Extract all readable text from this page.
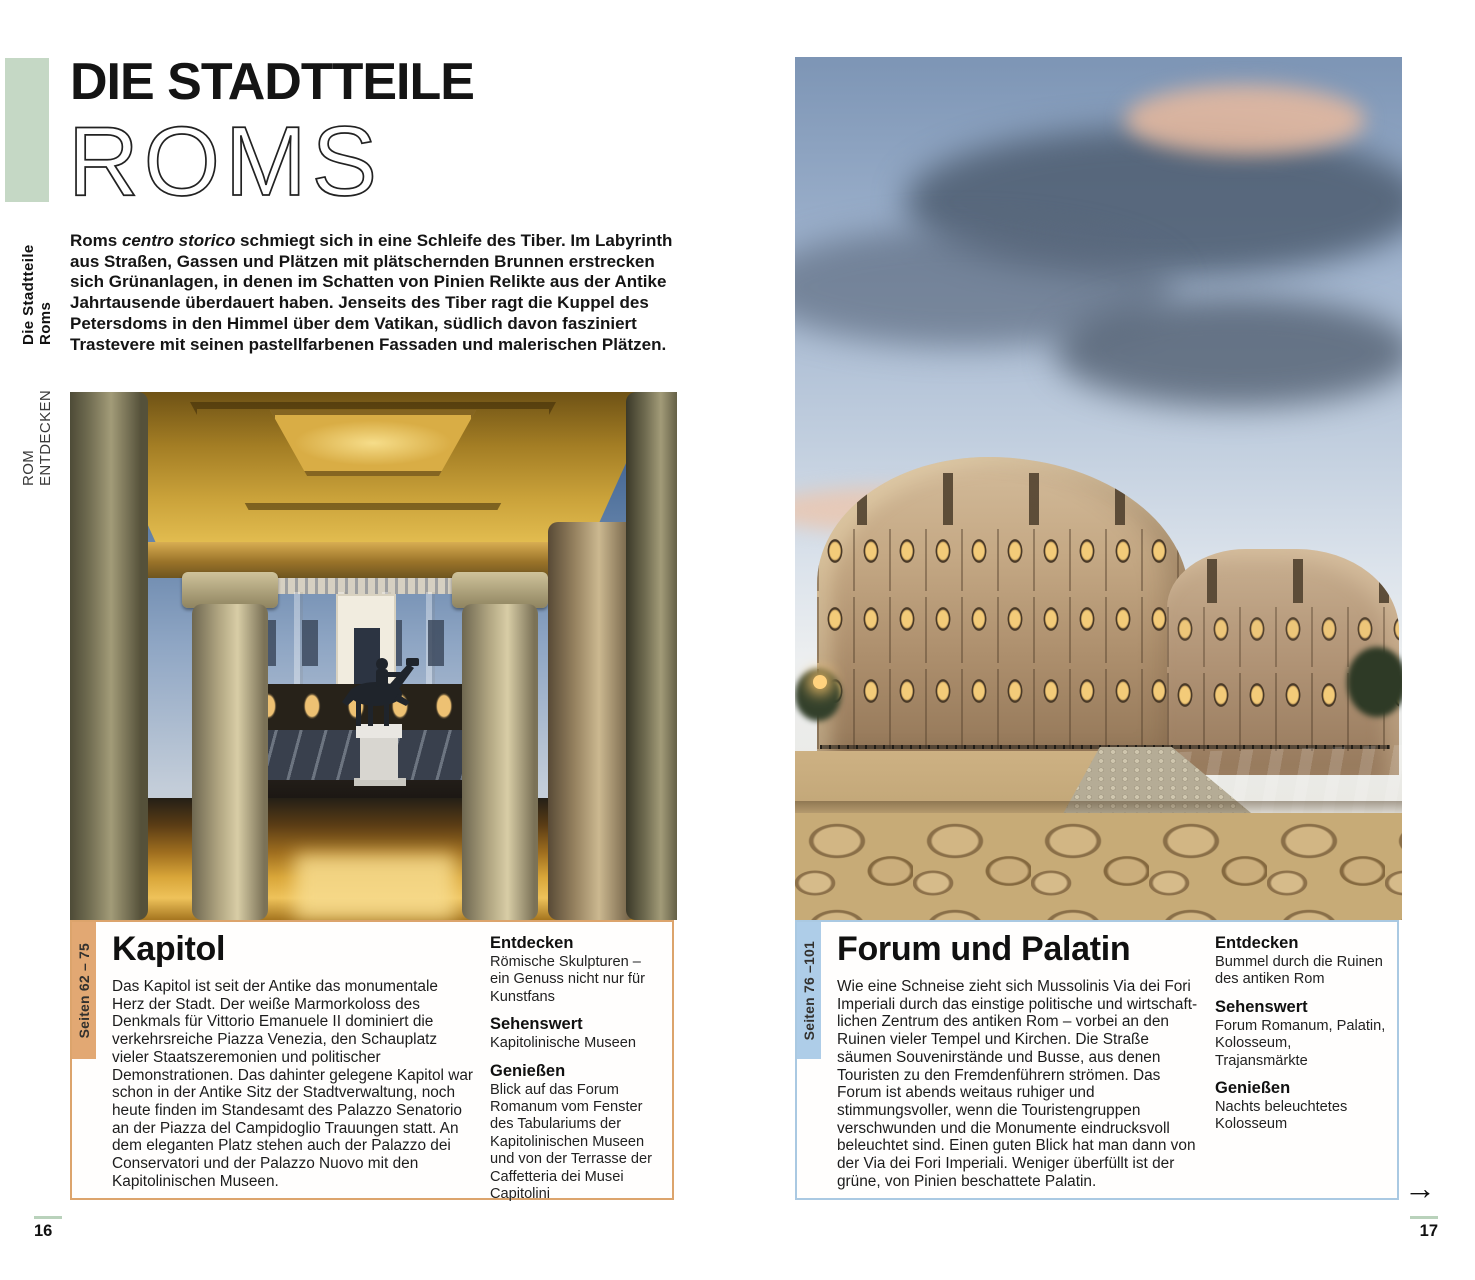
ROM ENTDECKEN
Die Stadtteile Roms
DIE STADTTEILE
ROMS
Roms centro storico schmiegt sich in eine Schleife des Tiber. Im Labyrinth aus Straßen, Gassen und Plätzen mit plätschernden Brunnen erstrecken sich Grünanlagen, in denen im Schatten von Pinien Relikte aus der Antike Jahrtausende überdauert haben. Jenseits des Tiber ragt die Kuppel des Petersdoms in den Himmel über dem Vatikan, südlich davon fasziniert Trastevere mit seinen pastellfarbenen Fassaden und malerischen Plätzen.
Seiten 62 – 75 Kapitol
Das Kapitol ist seit der Antike das monumentale Herz der Stadt. Der weiße Marmorkoloss des Denkmals für Vittorio Emanuele II dominiert die verkehrsreiche Piazza Venezia, den Schauplatz vieler Staatszeremonien und politischer Demonstrationen. Das dahinter gelegene Kapitol war schon in der Antike Sitz der Stadtverwaltung, noch heute finden im Standesamt des Palazzo Senatorio an der Piazza del Campidoglio Trauungen statt. An dem eleganten Platz stehen auch der Palazzo dei Conservatori und der Palazzo Nuovo mit den Kapitolinischen Museen.
Entdecken
Römische Skulpturen – ein Genuss nicht nur für Kunstfans
Sehenswert
Kapitolinische Museen
Genießen
Blick auf das Forum Romanum vom Fenster des Tabulariums der Kapitolinischen Museen und von der Terrasse der Caffetteria dei Musei Capitolini
Seiten 76 –101 Forum und Palatin
Wie eine Schneise zieht sich Mussolinis Via dei Fori Imperiali durch das einstige politische und wirtschaftlichen Zentrum des antiken Rom – vorbei an den Ruinen vieler Tempel und Kirchen. Die Straße säumen Souvenirstände und Busse, aus denen Touristen zu den Fremdenführern strömen. Das Forum ist abends weitaus ruhiger und stimmungsvoller, wenn die Touristengruppen verschwunden und die Monumente eindrucksvoll beleuchtet sind. Einen guten Blick hat man dann von der Via dei Fori Imperiali. Weniger überfüllt ist der grüne, von Pinien beschattete Palatin.
Entdecken
Bummel durch die Ruinen des antiken Rom
Sehenswert
Forum Romanum, Palatin, Kolosseum, Trajansmärkte
Genießen
Nachts beleuchtetes Kolosseum
16
→
17
